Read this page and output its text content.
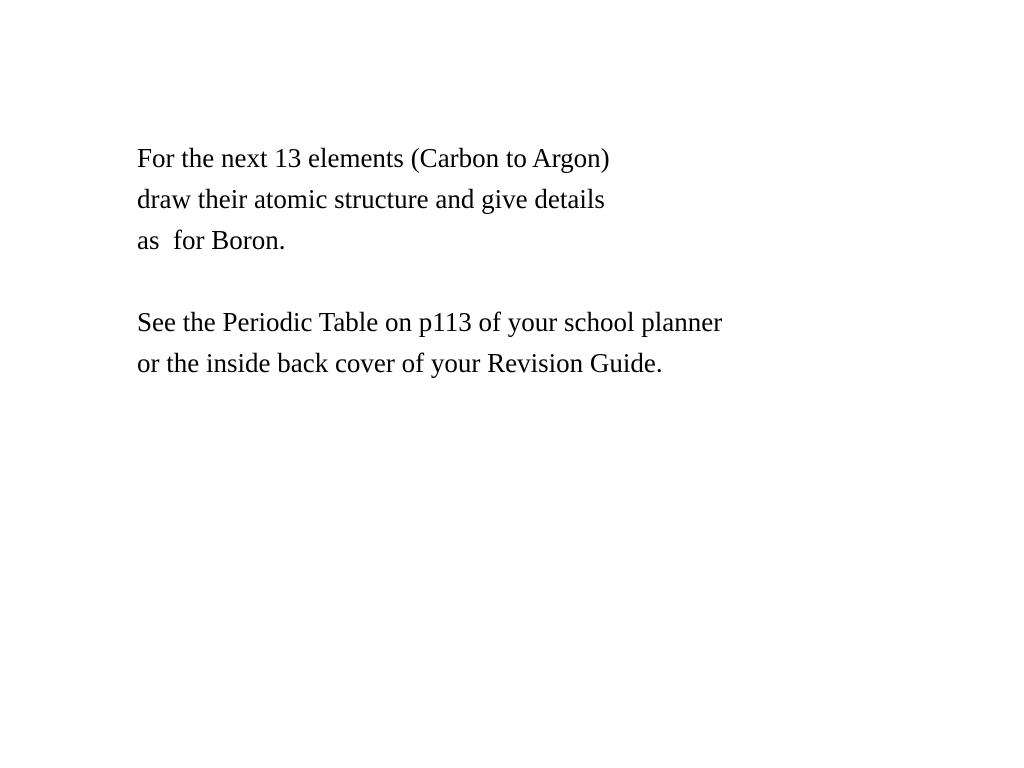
For the next 13 elements (Carbon to Argon)
draw their atomic structure and give details
as  for Boron.
See the Periodic Table on p113 of your school planner
or the inside back cover of your Revision Guide.
